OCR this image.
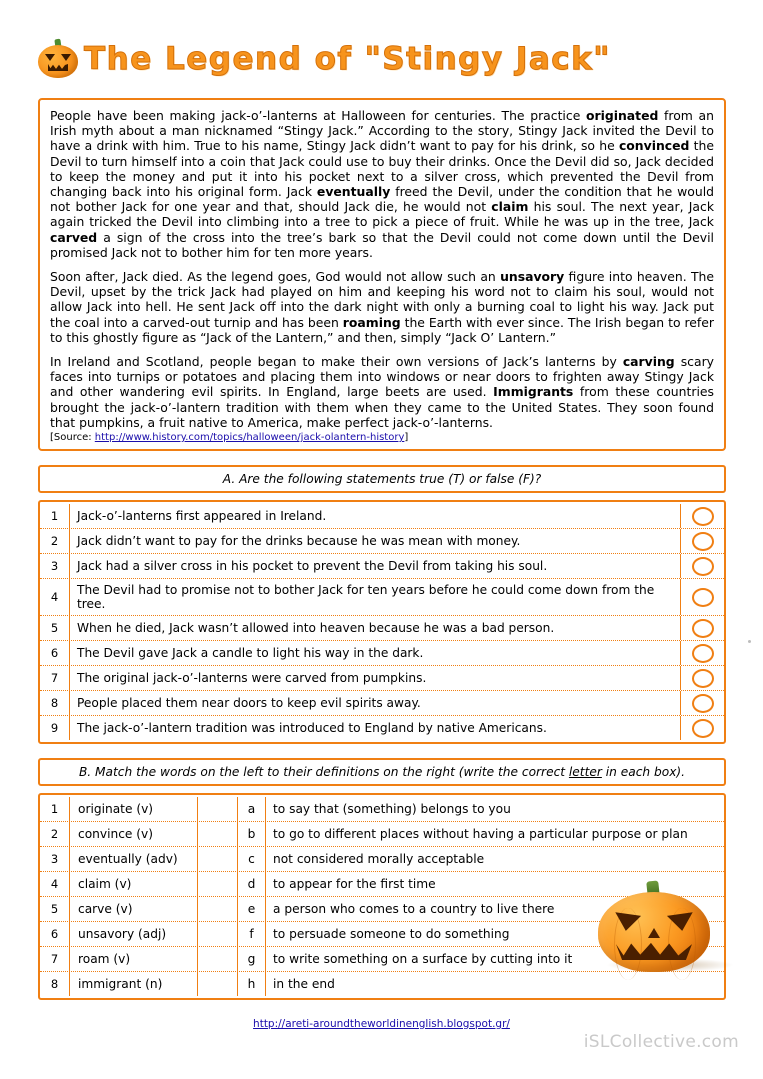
The Legend of "Stingy Jack"

People have been making jack-o’-lanterns at Halloween for centuries. The practice originated from an Irish myth about a man nicknamed “Stingy Jack.” According to the story, Stingy Jack invited the Devil to have a drink with him. True to his name, Stingy Jack didn’t want to pay for his drink, so he convinced the Devil to turn himself into a coin that Jack could use to buy their drinks. Once the Devil did so, Jack decided to keep the money and put it into his pocket next to a silver cross, which prevented the Devil from changing back into his original form. Jack eventually freed the Devil, under the condition that he would not bother Jack for one year and that, should Jack die, he would not claim his soul. The next year, Jack again tricked the Devil into climbing into a tree to pick a piece of fruit. While he was up in the tree, Jack carved a sign of the cross into the tree’s bark so that the Devil could not come down until the Devil promised Jack not to bother him for ten more years.

Soon after, Jack died. As the legend goes, God would not allow such an unsavory figure into heaven. The Devil, upset by the trick Jack had played on him and keeping his word not to claim his soul, would not allow Jack into hell. He sent Jack off into the dark night with only a burning coal to light his way. Jack put the coal into a carved-out turnip and has been roaming the Earth with ever since. The Irish began to refer to this ghostly figure as “Jack of the Lantern,” and then, simply “Jack O’ Lantern.”

In Ireland and Scotland, people began to make their own versions of Jack’s lanterns by carving scary faces into turnips or potatoes and placing them into windows or near doors to frighten away Stingy Jack and other wandering evil spirits. In England, large beets are used. Immigrants from these countries brought the jack-o’-lantern tradition with them when they came to the United States. They soon found that pumpkins, a fruit native to America, make perfect jack-o’-lanterns.

[Source: http://www.history.com/topics/halloween/jack-olantern-history]
A. Are the following statements true (T) or false (F)?
1	Jack-o’-lanterns first appeared in Ireland.
2	Jack didn’t want to pay for the drinks because he was mean with money.
3	Jack had a silver cross in his pocket to prevent the Devil from taking his soul.
4	The Devil had to promise not to bother Jack for ten years before he could come down from the tree.
5	When he died, Jack wasn’t allowed into heaven because he was a bad person.
6	The Devil gave Jack a candle to light his way in the dark.
7	The original jack-o’-lanterns were carved from pumpkins.
8	People placed them near doors to keep evil spirits away.
9	The jack-o’-lantern tradition was introduced to England by native Americans.
B. Match the words on the left to their definitions on the right (write the correct letter in each box).
1	originate (v)	a	to say that (something) belongs to you
2	convince (v)	b	to go to different places without having a particular purpose or plan
3	eventually (adv)	c	not considered morally acceptable
4	claim (v)	d	to appear for the first time
5	carve (v)	e	a person who comes to a country to live there
6	unsavory (adj)	f	to persuade someone to do something
7	roam (v)	g	to write something on a surface by cutting into it
8	immigrant (n)	h	in the end
http://areti-aroundtheworldinenglish.blogspot.gr/
iSLCollective.com
